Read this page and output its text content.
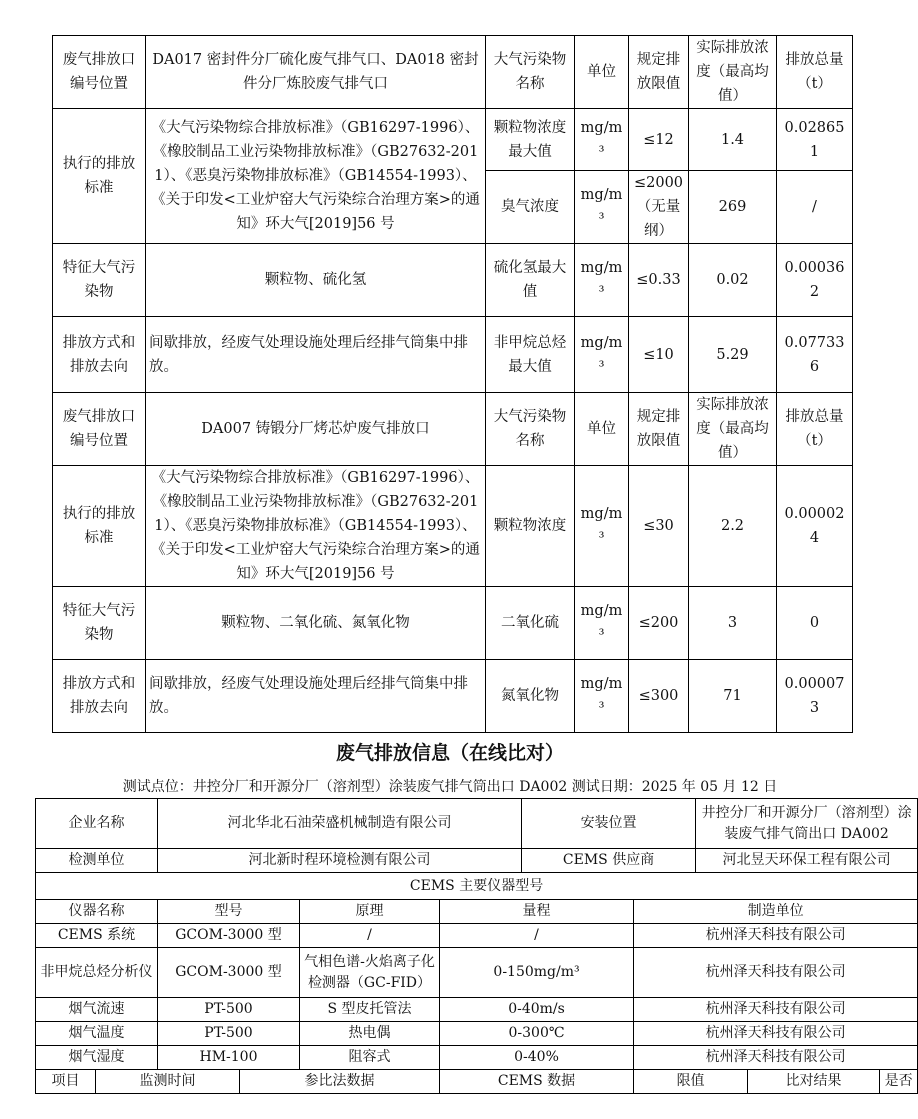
废气排放口编号位置	DA017 密封件分厂硫化废气排气口、DA018 密封件分厂炼胶废气排气口	大气污染物名称	单位	规定排放限值	实际排放浓度（最高均值）	排放总量（t）
执行的排放标准	《大气污染物综合排放标准》（GB16297-1996）、《橡胶制品工业污染物排放标准》（GB27632-2011）、《恶臭污染物排放标准》（GB14554-1993）、《关于印发<工业炉窑大气污染综合治理方案>的通知》环大气[2019]56 号	颗粒物浓度最大值	mg/m³	≤12	1.4	0.028651
		臭气浓度	mg/m³	≤2000（无量纲）	269	/
特征大气污染物	颗粒物、硫化氢	硫化氢最大值	mg/m³	≤0.33	0.02	0.000362
排放方式和排放去向	间歇排放，经废气处理设施处理后经排气筒集中排放。	非甲烷总烃最大值	mg/m³	≤10	5.29	0.077336
废气排放口编号位置	DA007 铸锻分厂烤芯炉废气排放口	大气污染物名称	单位	规定排放限值	实际排放浓度（最高均值）	排放总量（t）
执行的排放标准	《大气污染物综合排放标准》（GB16297-1996）、《橡胶制品工业污染物排放标准》（GB27632-2011）、《恶臭污染物排放标准》（GB14554-1993）、《关于印发<工业炉窑大气污染综合治理方案>的通知》环大气[2019]56 号	颗粒物浓度	mg/m³	≤30	2.2	0.000024
特征大气污染物	颗粒物、二氧化硫、氮氧化物	二氧化硫	mg/m³	≤200	3	0
排放方式和排放去向	间歇排放，经废气处理设施处理后经排气筒集中排放。	氮氧化物	mg/m³	≤300	71	0.000073
废气排放信息（在线比对）
测试点位：井控分厂和开源分厂（溶剂型）涂装废气排气筒出口 DA002 测试日期：2025 年 05 月 12 日
企业名称		河北华北石油荣盛机械制造有限公司				安装位置		井控分厂和开源分厂（溶剂型）涂装废气排气筒出口 DA002		
检测单位		河北新时程环境检测有限公司				CEMS 供应商		河北昱天环保工程有限公司		
CEMS 主要仪器型号										
仪器名称		型号		原理	量程		制造单位			
CEMS 系统		GCOM-3000 型		/	/		杭州泽天科技有限公司			
非甲烷总烃分析仪		GCOM-3000 型		气相色谱-火焰离子化检测器（GC-FID）	0-150mg/m³		杭州泽天科技有限公司			
烟气流速		PT-500		S 型皮托管法	0-40m/s		杭州泽天科技有限公司			
烟气温度		PT-500		热电偶	0-300℃		杭州泽天科技有限公司			
烟气湿度		HM-100		阻容式	0-40%		杭州泽天科技有限公司			
项目	监测时间		参比法数据		CEMS 数据		限值		比对结果	是否
